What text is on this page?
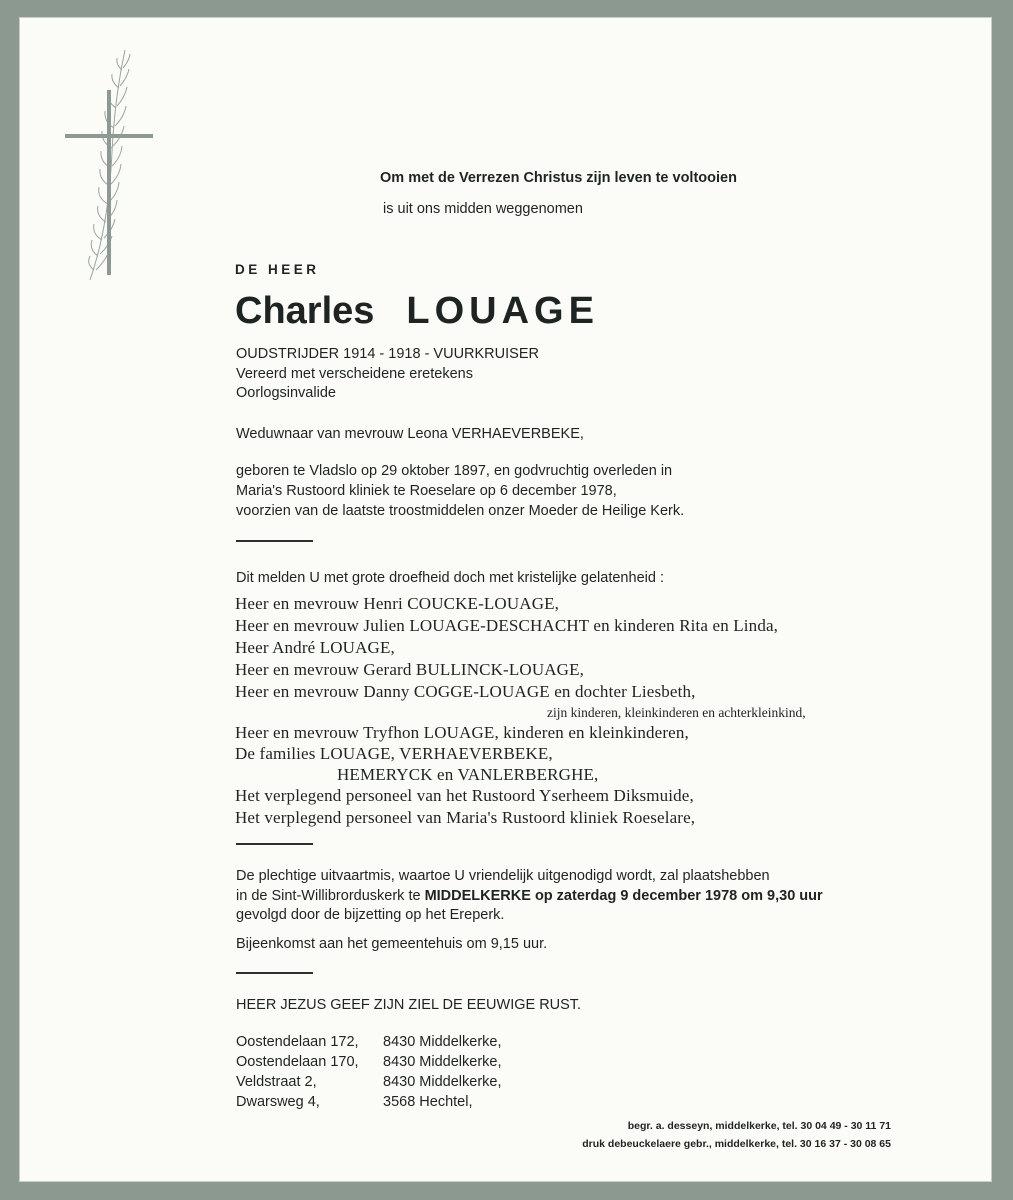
Om met de Verrezen Christus zijn leven te voltooien
is uit ons midden weggenomen
DE HEER
Charles LOUAGE
OUDSTRIJDER 1914 - 1918 - VUURKRUISER
Vereerd met verscheidene eretekens
Oorlogsinvalide
Weduwnaar van mevrouw Leona VERHAEVERBEKE,
geboren te Vladslo op 29 oktober 1897, en godvruchtig overleden in
Maria's Rustoord kliniek te Roeselare op 6 december 1978,
voorzien van de laatste troostmiddelen onzer Moeder de Heilige Kerk.
Dit melden U met grote droefheid doch met kristelijke gelatenheid :
Heer en mevrouw Henri COUCKE-LOUAGE,
Heer en mevrouw Julien LOUAGE-DESCHACHT en kinderen Rita en Linda,
Heer André LOUAGE,
Heer en mevrouw Gerard BULLINCK-LOUAGE,
Heer en mevrouw Danny COGGE-LOUAGE en dochter Liesbeth,
zijn kinderen, kleinkinderen en achterkleinkind,
Heer en mevrouw Tryfhon LOUAGE, kinderen en kleinkinderen,
De families LOUAGE, VERHAEVERBEKE,
HEMERYCK en VANLERBERGHE,
Het verplegend personeel van het Rustoord Yserheem Diksmuide,
Het verplegend personeel van Maria's Rustoord kliniek Roeselare,
De plechtige uitvaartmis, waartoe U vriendelijk uitgenodigd wordt, zal plaatshebben
in de Sint-Willibrorduskerk te MIDDELKERKE op zaterdag 9 december 1978 om 9,30 uur
gevolgd door de bijzetting op het Ereperk.
Bijeenkomst aan het gemeentehuis om 9,15 uur.
HEER JEZUS GEEF ZIJN ZIEL DE EEUWIGE RUST.
Oostendelaan 172, 8430 Middelkerke,
Oostendelaan 170, 8430 Middelkerke,
Veldstraat 2,	8430 Middelkerke,
Dwarsweg 4,	3568 Hechtel,
begr. a. desseyn, middelkerke, tel. 30 04 49 - 30 11 71
druk debeuckelaere gebr., middelkerke, tel. 30 16 37 - 30 08 65
